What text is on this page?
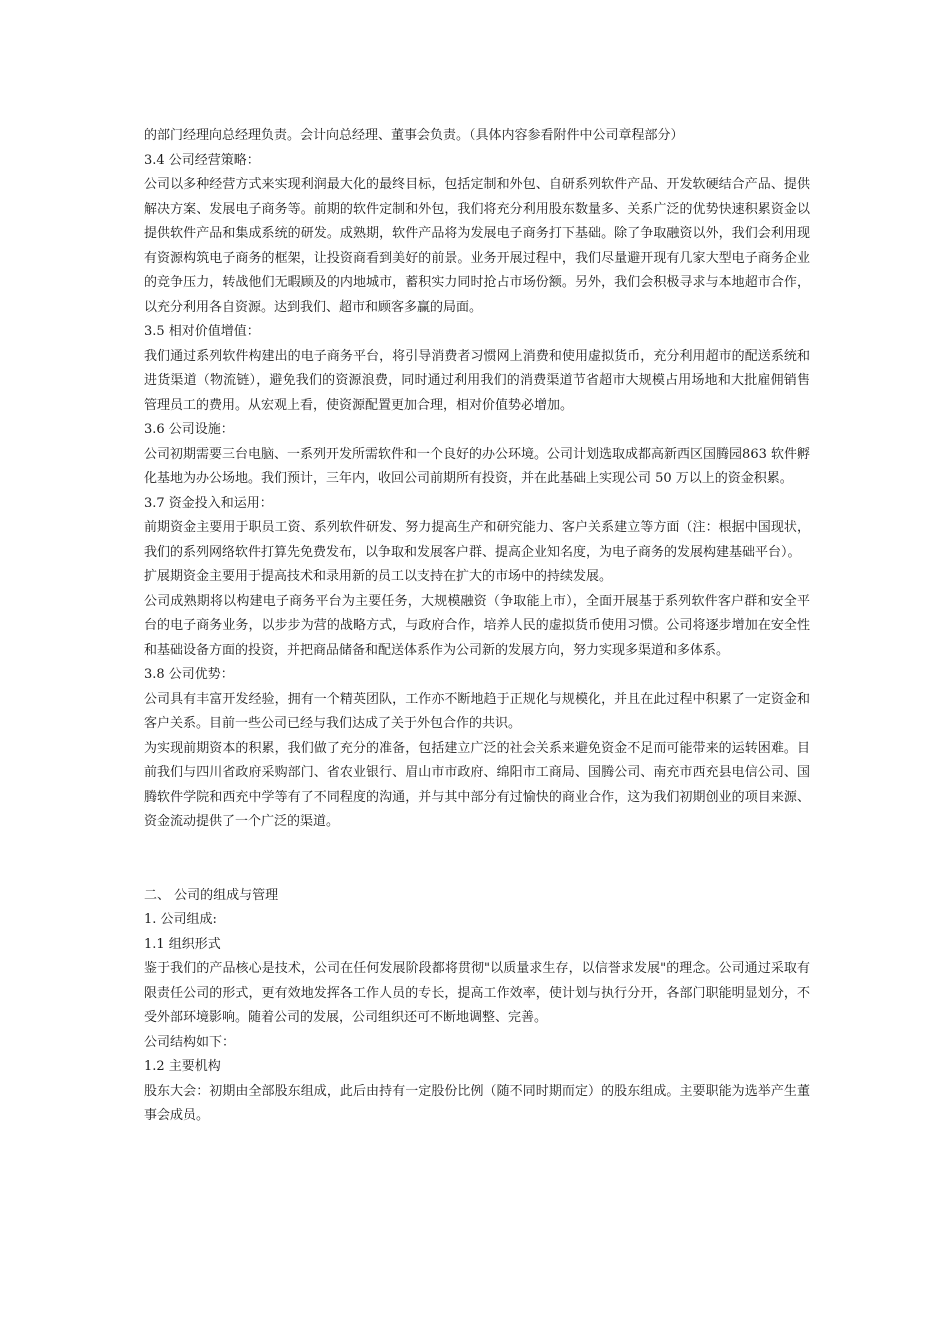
的部门经理向总经理负责。会计向总经理、董事会负责。（具体内容参看附件中公司章程部分）

3.4 公司经营策略：

公司以多种经营方式来实现利润最大化的最终目标，包括定制和外包、自研系列软件产品、开发软硬结合产品、提供解决方案、发展电子商务等。前期的软件定制和外包，我们将充分利用股东数量多、关系广泛的优势快速积累资金以提供软件产品和集成系统的研发。成熟期，软件产品将为发展电子商务打下基础。除了争取融资以外，我们会利用现有资源构筑电子商务的框架，让投资商看到美好的前景。业务开展过程中，我们尽量避开现有几家大型电子商务企业的竞争压力，转战他们无暇顾及的内地城市，蓄积实力同时抢占市场份额。另外，我们会积极寻求与本地超市合作，以充分利用各自资源。达到我们、超市和顾客多赢的局面。

3.5 相对价值增值：

我们通过系列软件构建出的电子商务平台，将引导消费者习惯网上消费和使用虚拟货币，充分利用超市的配送系统和进货渠道（物流链），避免我们的资源浪费，同时通过利用我们的消费渠道节省超市大规模占用场地和大批雇佣销售管理员工的费用。从宏观上看，使资源配置更加合理，相对价值势必增加。

3.6 公司设施：

公司初期需要三台电脑、一系列开发所需软件和一个良好的办公环境。公司计划选取成都高新西区国腾园863 软件孵化基地为办公场地。我们预计，三年内，收回公司前期所有投资，并在此基础上实现公司 50 万以上的资金积累。

3.7 资金投入和运用：

前期资金主要用于职员工资、系列软件研发、努力提高生产和研究能力、客户关系建立等方面（注：根据中国现状，我们的系列网络软件打算先免费发布，以争取和发展客户群、提高企业知名度，为电子商务的发展构建基础平台）。

扩展期资金主要用于提高技术和录用新的员工以支持在扩大的市场中的持续发展。

公司成熟期将以构建电子商务平台为主要任务，大规模融资（争取能上市），全面开展基于系列软件客户群和安全平台的电子商务业务，以步步为营的战略方式，与政府合作，培养人民的虚拟货币使用习惯。公司将逐步增加在安全性和基础设备方面的投资，并把商品储备和配送体系作为公司新的发展方向，努力实现多渠道和多体系。

3.8 公司优势：

公司具有丰富开发经验，拥有一个精英团队，工作亦不断地趋于正规化与规模化，并且在此过程中积累了一定资金和客户关系。目前一些公司已经与我们达成了关于外包合作的共识。

为实现前期资本的积累，我们做了充分的准备，包括建立广泛的社会关系来避免资金不足而可能带来的运转困难。目前我们与四川省政府采购部门、省农业银行、眉山市市政府、绵阳市工商局、国腾公司、南充市西充县电信公司、国腾软件学院和西充中学等有了不同程度的沟通，并与其中部分有过愉快的商业合作，这为我们初期创业的项目来源、资金流动提供了一个广泛的渠道。

二、 公司的组成与管理

1. 公司组成:

1.1 组织形式

鉴于我们的产品核心是技术，公司在任何发展阶段都将贯彻"以质量求生存，以信誉求发展"的理念。公司通过采取有限责任公司的形式，更有效地发挥各工作人员的专长，提高工作效率，使计划与执行分开，各部门职能明显划分，不受外部环境影响。随着公司的发展，公司组织还可不断地调整、完善。

公司结构如下：

1.2 主要机构

股东大会：初期由全部股东组成，此后由持有一定股份比例（随不同时期而定）的股东组成。主要职能为选举产生董事会成员。
